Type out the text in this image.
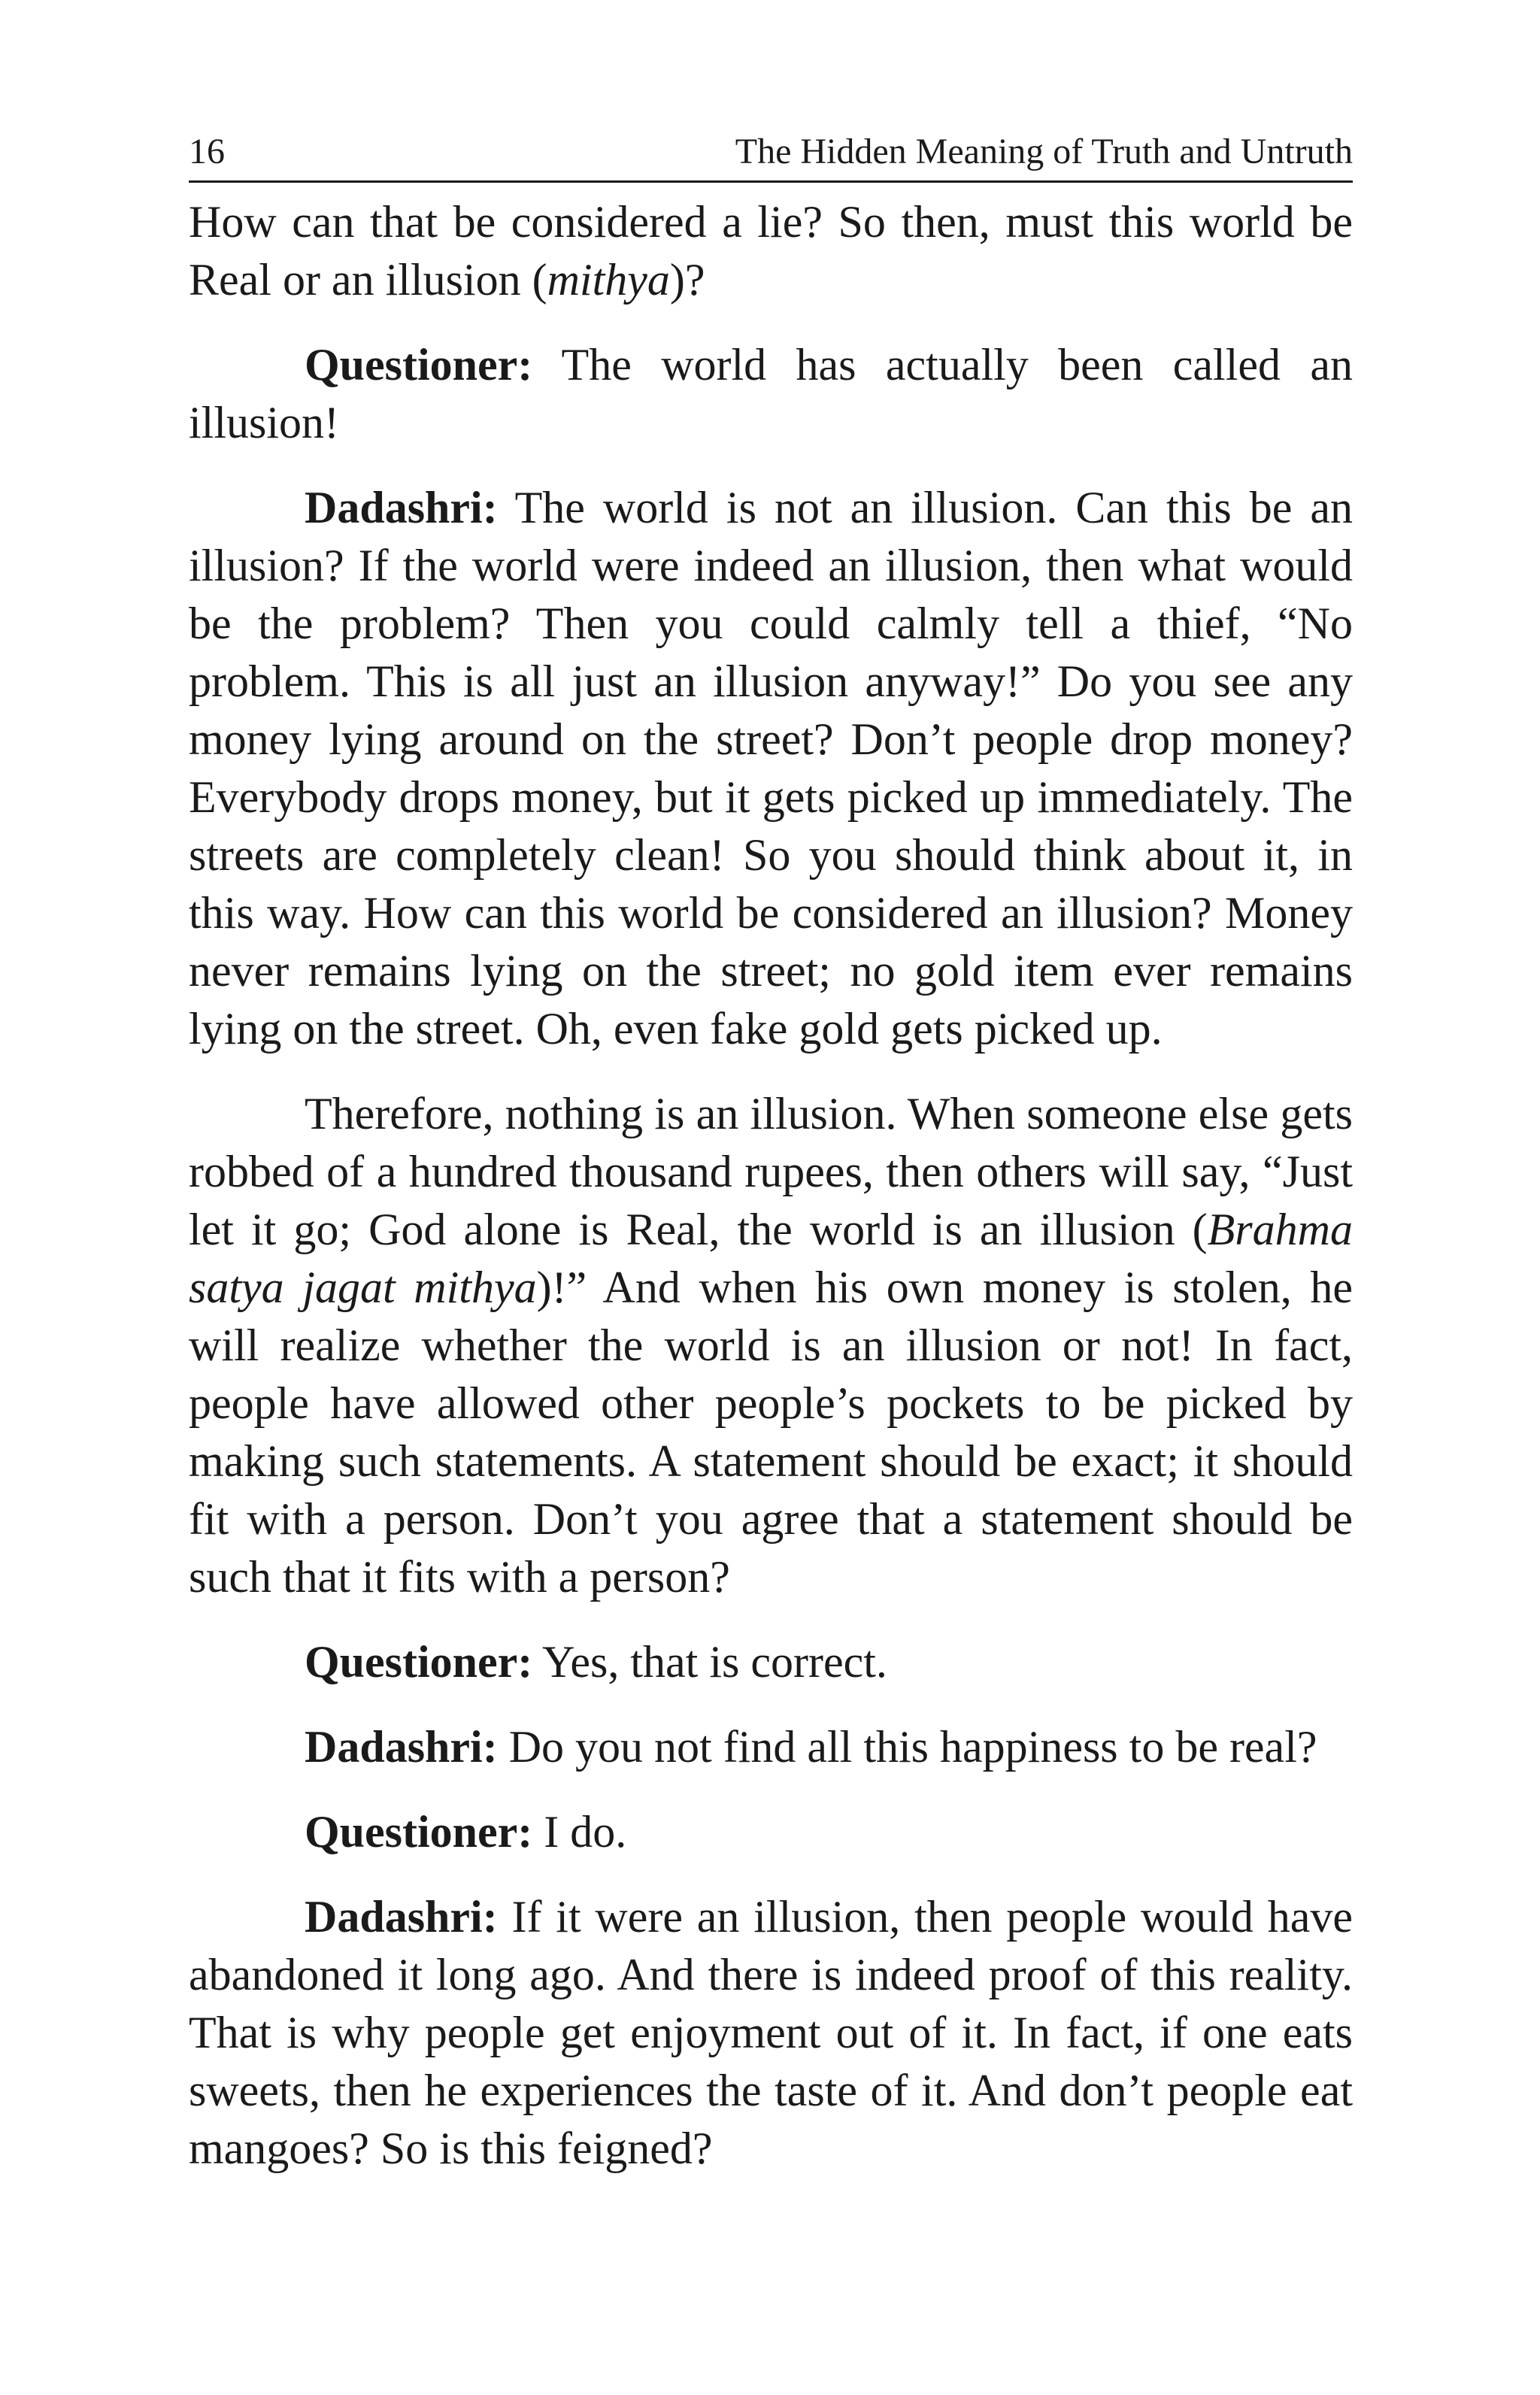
16	The Hidden Meaning of Truth and Untruth

How can that be considered a lie? So then, must this world be Real or an illusion (mithya)?

Questioner: The world has actually been called an illusion!

Dadashri: The world is not an illusion. Can this be an illusion? If the world were indeed an illusion, then what would be the problem? Then you could calmly tell a thief, “No problem. This is all just an illusion anyway!” Do you see any money lying around on the street? Don’t people drop money? Everybody drops money, but it gets picked up immediately. The streets are completely clean! So you should think about it, in this way. How can this world be considered an illusion? Money never remains lying on the street; no gold item ever remains lying on the street. Oh, even fake gold gets picked up.

Therefore, nothing is an illusion. When someone else gets robbed of a hundred thousand rupees, then others will say, “Just let it go; God alone is Real, the world is an illusion (Brahma satya jagat mithya)!” And when his own money is stolen, he will realize whether the world is an illusion or not! In fact, people have allowed other people’s pockets to be picked by making such statements. A statement should be exact; it should fit with a person. Don’t you agree that a statement should be such that it fits with a person?

Questioner: Yes, that is correct.

Dadashri: Do you not find all this happiness to be real?

Questioner: I do.

Dadashri: If it were an illusion, then people would have abandoned it long ago. And there is indeed proof of this reality. That is why people get enjoyment out of it. In fact, if one eats sweets, then he experiences the taste of it. And don’t people eat mangoes? So is this feigned?
